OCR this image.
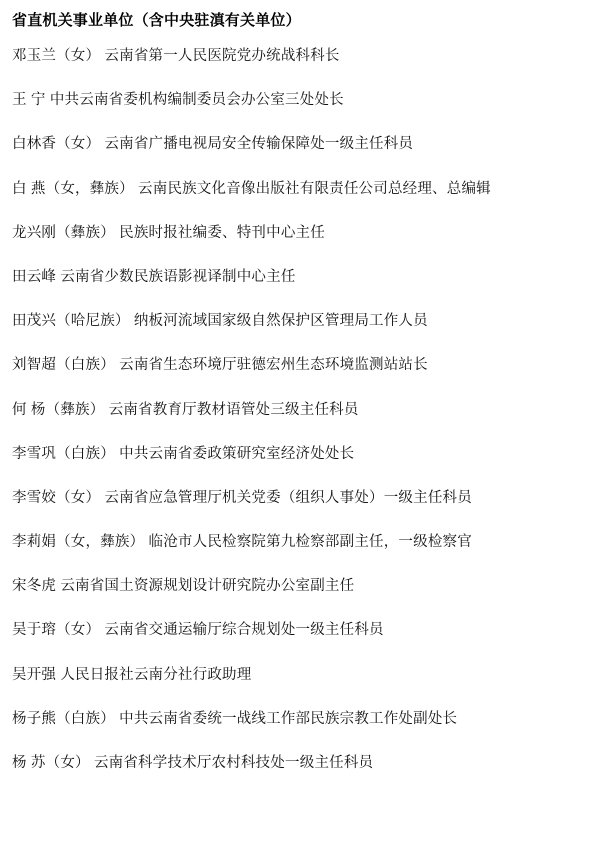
省直机关事业单位（含中央驻滇有关单位）
邓玉兰（女） 云南省第一人民医院党办统战科科长
王 宁 中共云南省委机构编制委员会办公室三处处长
白林香（女） 云南省广播电视局安全传输保障处一级主任科员
白 燕（女，彝族） 云南民族文化音像出版社有限责任公司总经理、总编辑
龙兴刚（彝族） 民族时报社编委、特刊中心主任
田云峰 云南省少数民族语影视译制中心主任
田茂兴（哈尼族） 纳板河流域国家级自然保护区管理局工作人员
刘智超（白族） 云南省生态环境厅驻德宏州生态环境监测站站长
何 杨（彝族） 云南省教育厅教材语管处三级主任科员
李雪巩（白族） 中共云南省委政策研究室经济处处长
李雪姣（女） 云南省应急管理厅机关党委（组织人事处）一级主任科员
李莉娟（女，彝族） 临沧市人民检察院第九检察部副主任，一级检察官
宋冬虎 云南省国土资源规划设计研究院办公室副主任
吴于瑢（女） 云南省交通运输厅综合规划处一级主任科员
吴开强 人民日报社云南分社行政助理
杨子熊（白族） 中共云南省委统一战线工作部民族宗教工作处副处长
杨 苏（女） 云南省科学技术厅农村科技处一级主任科员
